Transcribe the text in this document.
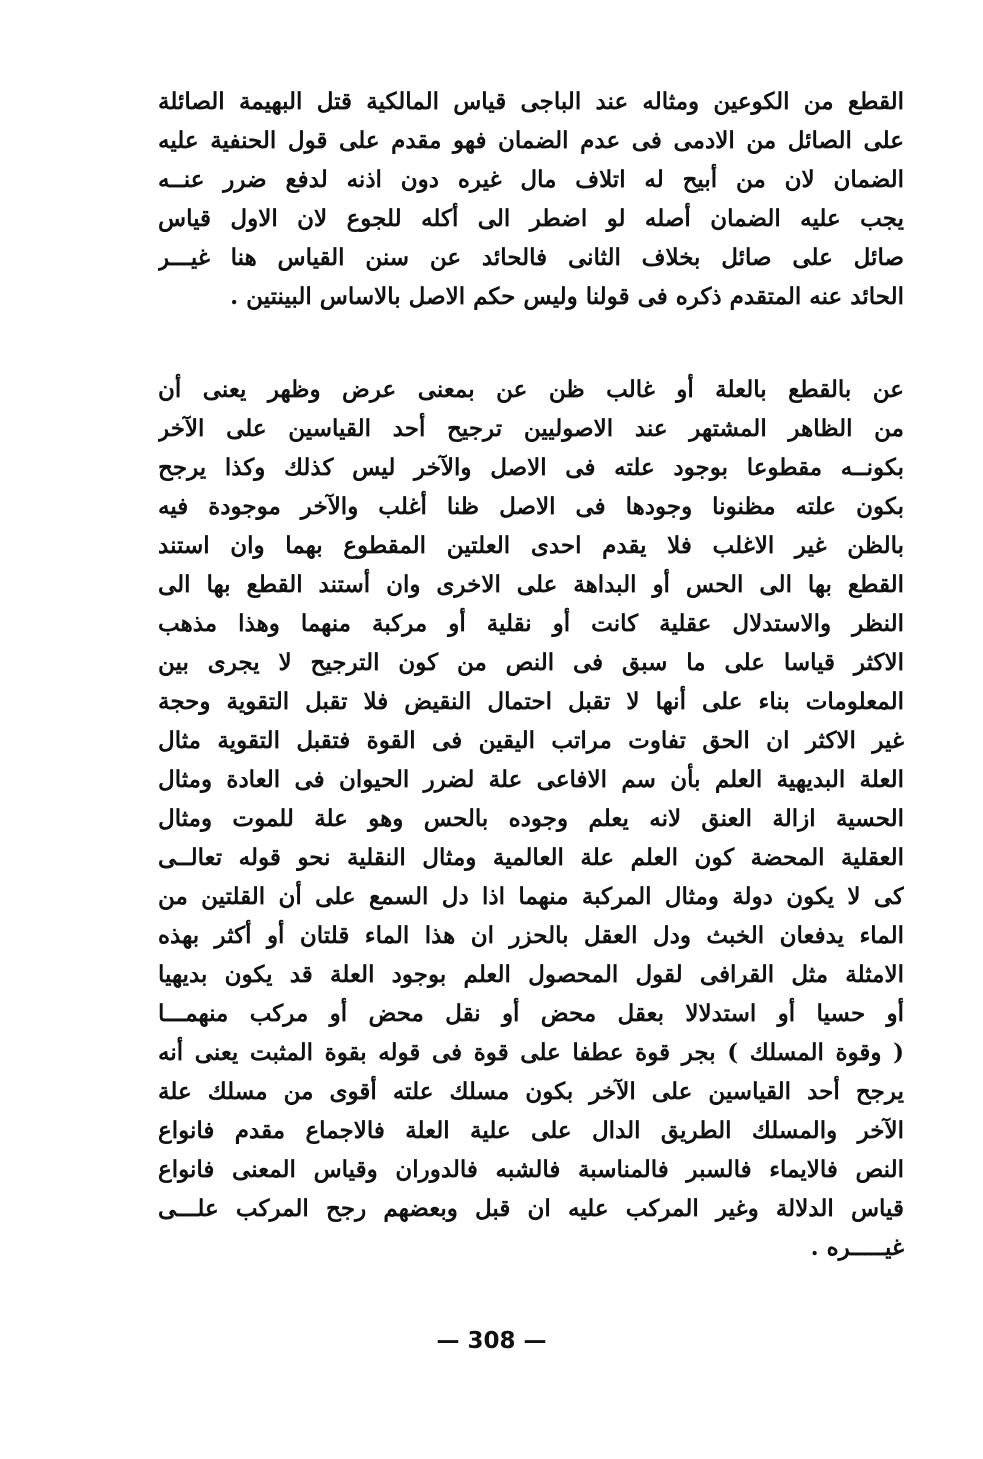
القطع من الكوعين ومثاله عند الباجى قياس المالكية قتل البهيمة الصائلة
على الصائل من الادمى فى عدم الضمان فهو مقدم على قول الحنفية عليه
الضمان لان من أبيح له اتلاف مال غيره دون اذنه لدفع ضرر عنــه
يجب عليه الضمان أصله لو اضطر الى أكله للجوع لان الاول قياس
صائل على صائل بخلاف الثانى فالحائد عن سنن القياس هنا غيـــر
الحائد عنه المتقدم ذكره فى قولنا وليس حكم الاصل بالاساس البينتين .
عن بالقطع بالعلة أو غالب ظن عن بمعنى عرض وظهر يعنى أن
من الظاهر المشتهر عند الاصوليين ترجيح أحد القياسين على الآخر
بكونــه مقطوعا بوجود علته فى الاصل والآخر ليس كذلك وكذا يرجح
بكون علته مظنونا وجودها فى الاصل ظنا أغلب والآخر موجودة فيه
بالظن غير الاغلب فلا يقدم احدى العلتين المقطوع بهما وان استند
القطع بها الى الحس أو البداهة على الاخرى وان أستند القطع بها الى
النظر والاستدلال عقلية كانت أو نقلية أو مركبة منهما وهذا مذهب
الاكثر قياسا على ما سبق فى النص من كون الترجيح لا يجرى بين
المعلومات بناء على أنها لا تقبل احتمال النقيض فلا تقبل التقوية وحجة
غير الاكثر ان الحق تفاوت مراتب اليقين فى القوة فتقبل التقوية مثال
العلة البديهية العلم بأن سم الافاعى علة لضرر الحيوان فى العادة ومثال
الحسية ازالة العنق لانه يعلم وجوده بالحس وهو علة للموت ومثال
العقلية المحضة كون العلم علة العالمية ومثال النقلية نحو قوله تعالــى
كى لا يكون دولة ومثال المركبة منهما اذا دل السمع على أن القلتين من
الماء يدفعان الخبث ودل العقل بالحزر ان هذا الماء قلتان أو أكثر بهذه
الامثلة مثل القرافى لقول المحصول العلم بوجود العلة قد يكون بديهيا
أو حسيا أو استدلالا بعقل محض أو نقل محض أو مركب منهمـــا
( وقوة المسلك ) بجر قوة عطفا على قوة فى قوله بقوة المثبت يعنى أنه
يرجح أحد القياسين على الآخر بكون مسلك علته أقوى من مسلك علة
الآخر والمسلك الطريق الدال على علية العلة فالاجماع مقدم فانواع
النص فالايماء فالسبر فالمناسبة فالشبه فالدوران وقياس المعنى فانواع
قياس الدلالة وغير المركب عليه ان قبل وبعضهم رجح المركب علـــى
غيـــــره .
— 308 —
